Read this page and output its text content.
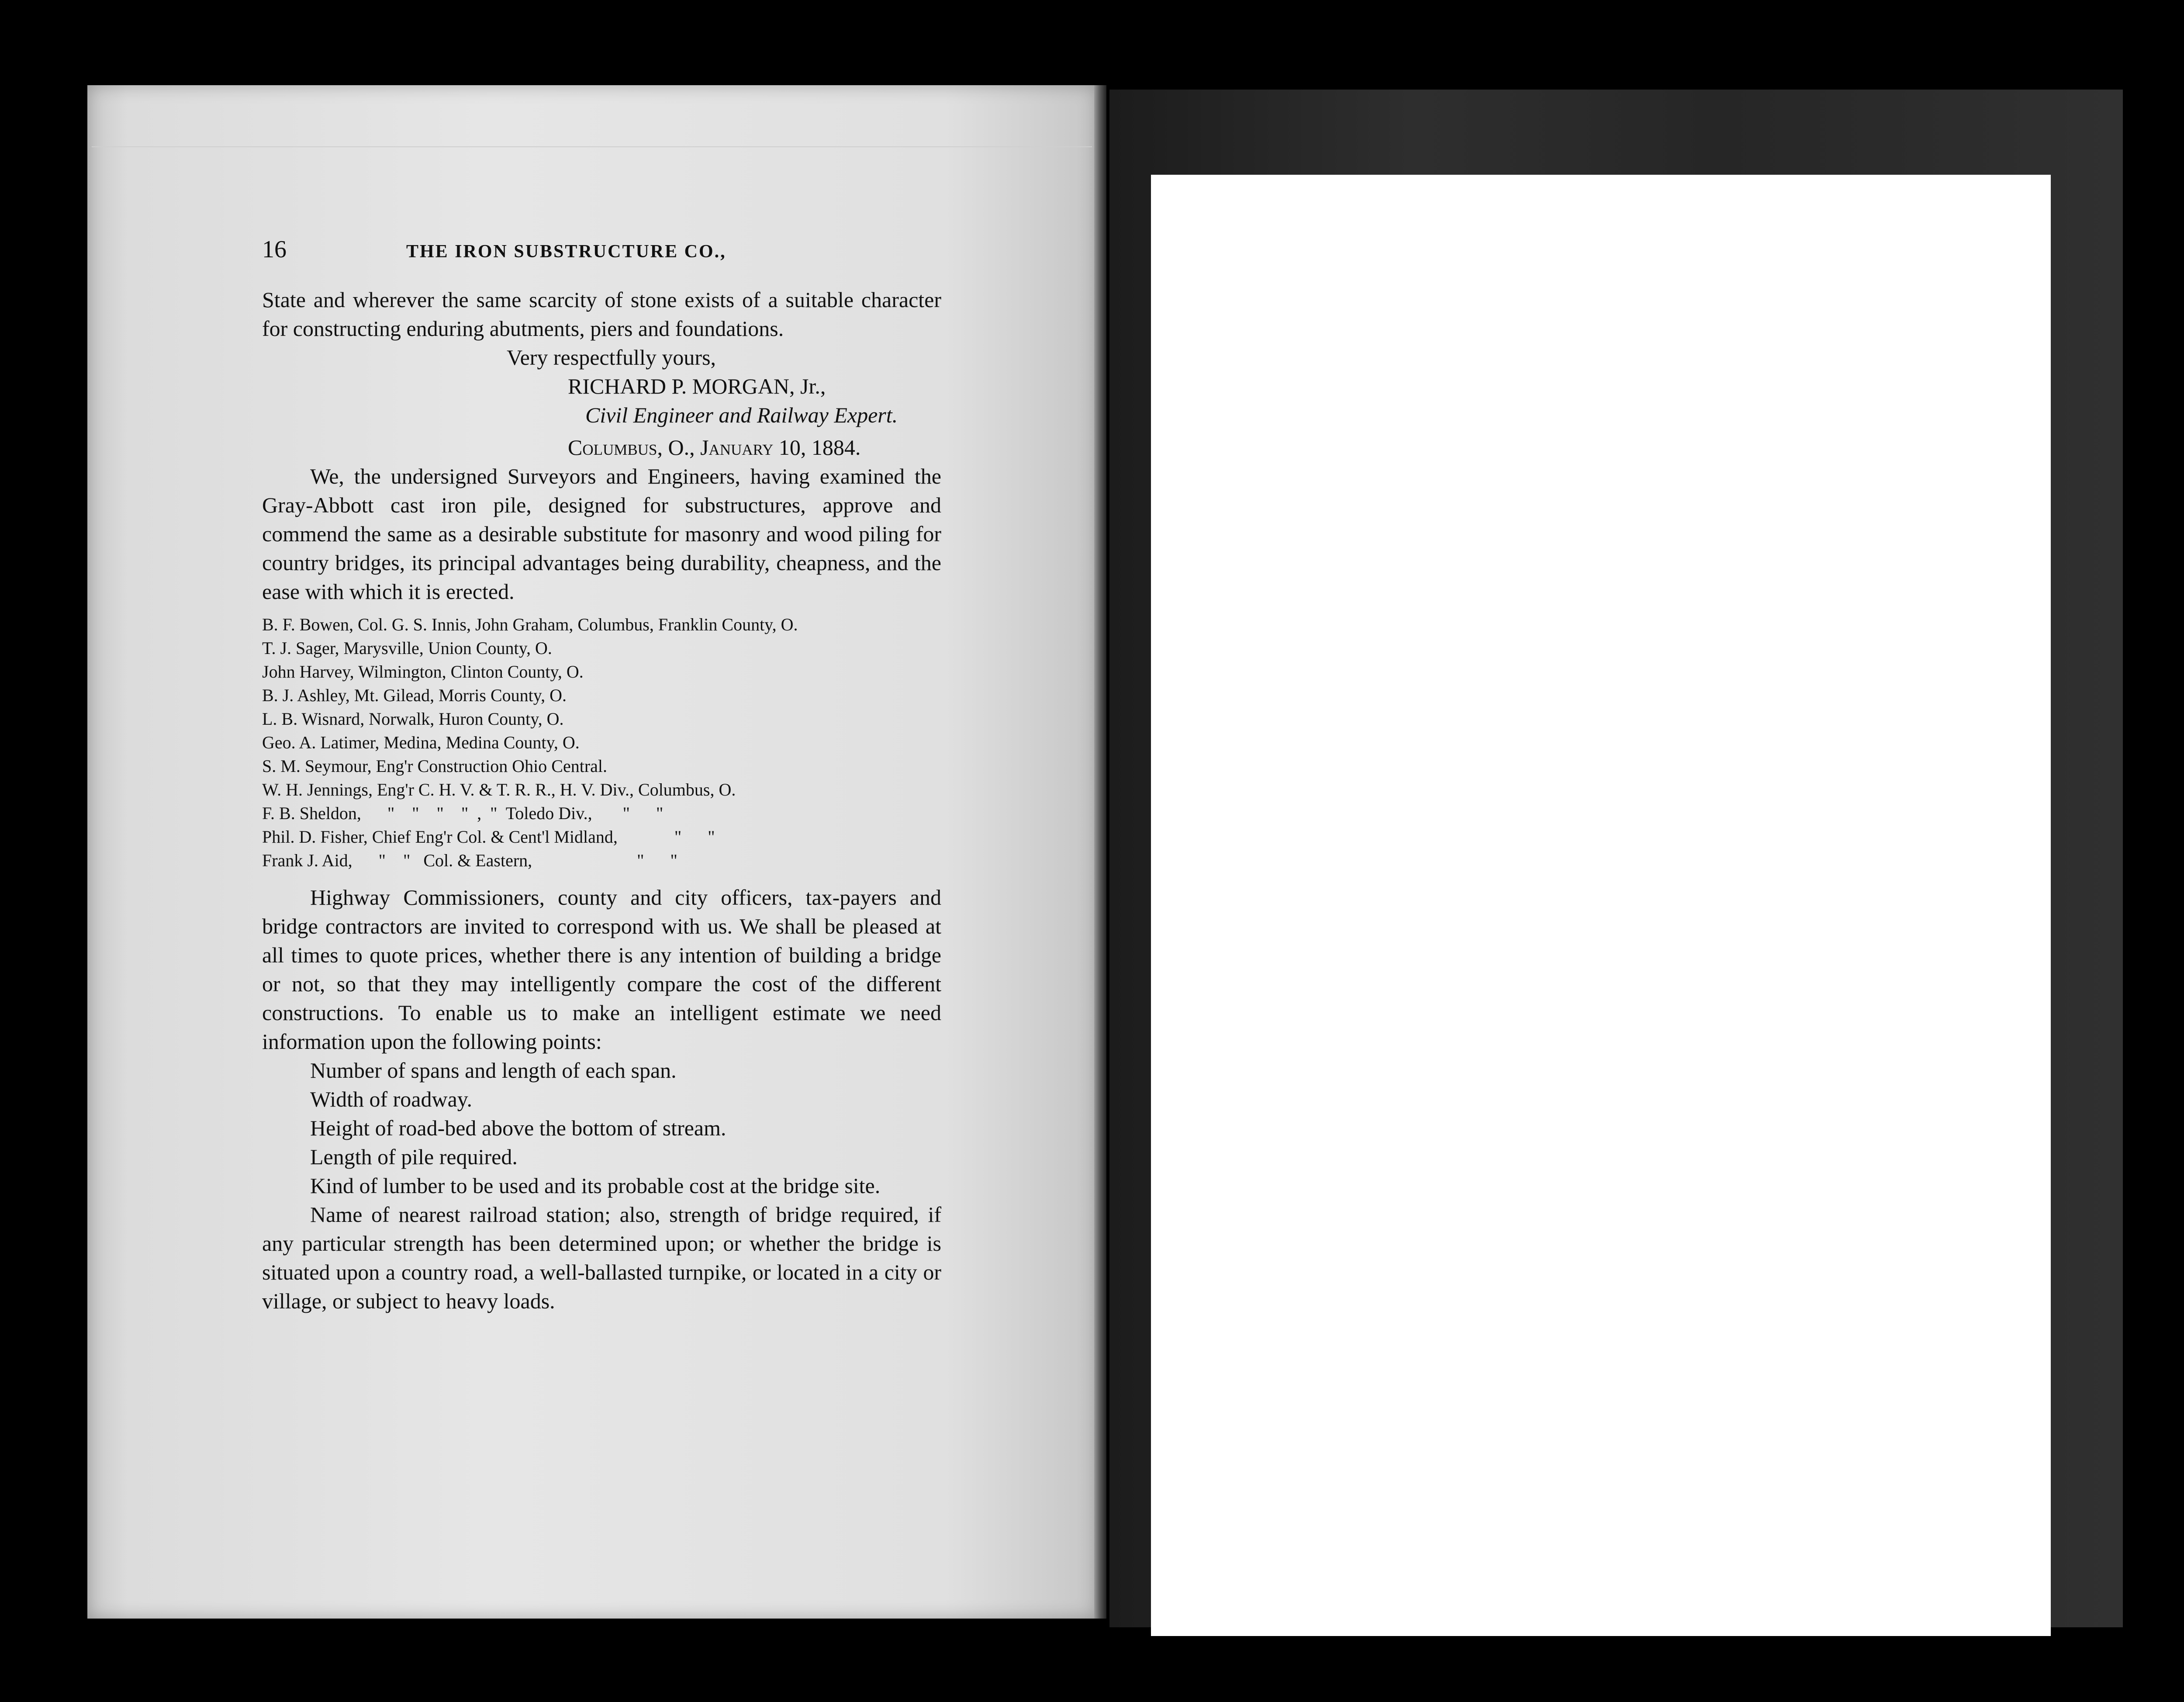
16	THE IRON SUBSTRUCTURE CO.,

State and wherever the same scarcity of stone exists of a suitable character for constructing enduring abutments, piers and foundations.

Very respectfully yours,

RICHARD P. MORGAN, Jr.,

Civil Engineer and Railway Expert.

Columbus, O., January 10, 1884.

We, the undersigned Surveyors and Engineers, having examined the Gray-Abbott cast iron pile, designed for substructures, approve and commend the same as a desirable substitute for masonry and wood piling for country bridges, its principal advantages being durability, cheapness, and the ease with which it is erected.

B. F. Bowen, Col. G. S. Innis, John Graham, Columbus, Franklin County, O.
T. J. Sager, Marysville, Union County, O.
John Harvey, Wilmington, Clinton County, O.
B. J. Ashley, Mt. Gilead, Morris County, O.
L. B. Wisnard, Norwalk, Huron County, O.
Geo. A. Latimer, Medina, Medina County, O.
S. M. Seymour, Eng'r Construction Ohio Central.
W. H. Jennings, Eng'r C. H. V. & T. R. R., H. V. Div., Columbus, O.
F. B. Sheldon,      "    "    "    "  ,  "  Toledo Div.,       "      "
Phil. D. Fisher, Chief Eng'r Col. & Cent'l Midland,             "      "
Frank J. Aid,      "    "   Col. & Eastern,                        "      "

Highway Commissioners, county and city officers, tax-payers and bridge contractors are invited to correspond with us. We shall be pleased at all times to quote prices, whether there is any intention of building a bridge or not, so that they may intelligently compare the cost of the different constructions. To enable us to make an intelligent estimate we need information upon the following points:

Number of spans and length of each span.

Width of roadway.

Height of road-bed above the bottom of stream.

Length of pile required.

Kind of lumber to be used and its probable cost at the bridge site.

Name of nearest railroad station; also, strength of bridge required, if any particular strength has been determined upon; or whether the bridge is situated upon a country road, a well-ballasted turnpike, or located in a city or village, or subject to heavy loads.
